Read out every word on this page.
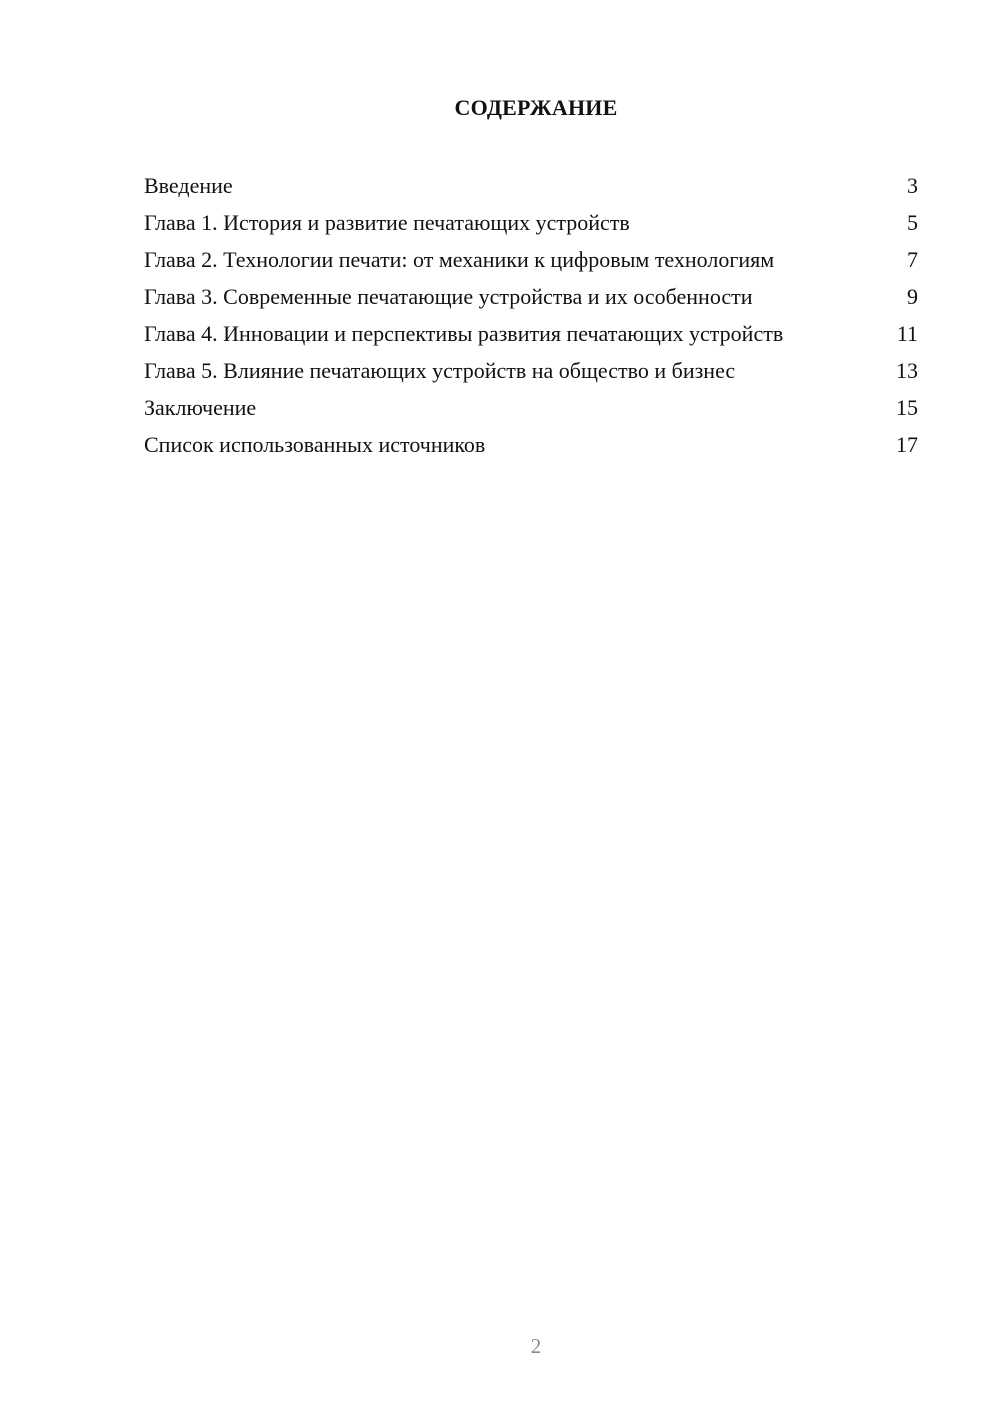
СОДЕРЖАНИЕ
Введение	3
Глава 1. История и развитие печатающих устройств	5
Глава 2. Технологии печати: от механики к цифровым технологиям	7
Глава 3. Современные печатающие устройства и их особенности	9
Глава 4. Инновации и перспективы развития печатающих устройств	11
Глава 5. Влияние печатающих устройств на общество и бизнес	13
Заключение	15
Список использованных источников	17
2
